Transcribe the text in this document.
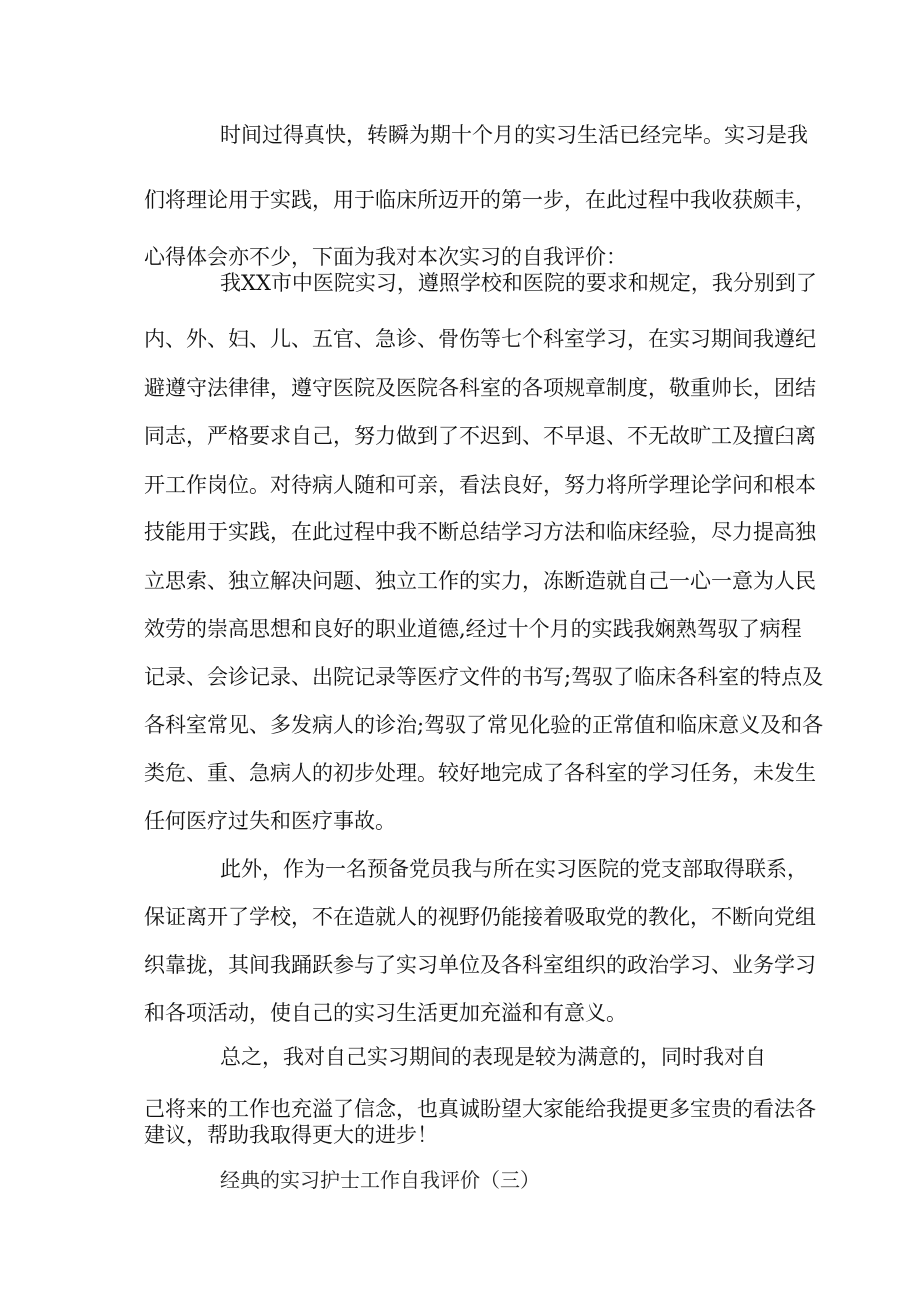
时间过得真快，转瞬为期十个月的实习生活已经完毕。实习是我

们将理论用于实践，用于临床所迈开的第一步，在此过程中我收获颇丰，

心得体会亦不少，下面为我对本次实习的自我评价：

我XX市中医院实习，遵照学校和医院的要求和规定，我分别到了

内、外、妇、儿、五官、急诊、骨伤等七个科室学习，在实习期间我遵纪

避遵守法律律，遵守医院及医院各科室的各项规章制度，敬重帅长，团结

同志，严格要求自己，努力做到了不迟到、不早退、不无故旷工及擅臼离

开工作岗位。对待病人随和可亲，看法良好，努力将所学理论学问和根本

技能用于实践，在此过程中我不断总结学习方法和临床经验，尽力提高独

立思索、独立解决问题、独立工作的实力，冻断造就自己一心一意为人民

效劳的崇高思想和良好的职业道德,经过十个月的实践我娴熟驾驭了病程

记录、会诊记录、出院记录等医疗文件的书写;驾驭了临床各科室的特点及

各科室常见、多发病人的诊治;驾驭了常见化验的正常值和临床意义及和各

类危、重、急病人的初步处理。较好地完成了各科室的学习任务，未发生

任何医疗过失和医疗事故。

此外，作为一名预备党员我与所在实习医院的党支部取得联系，

保证离开了学校，不在造就人的视野仍能接着吸取党的教化，不断向党组

织靠拢，其间我踊跃参与了实习单位及各科室组织的政治学习、业务学习

和各项活动，使自己的实习生活更加充溢和有意义。

总之，我对自己实习期间的表现是较为满意的，同时我对自

己将来的工作也充溢了信念，也真诚盼望大家能给我提更多宝贵的看法各

建议，帮助我取得更大的进步！

经典的实习护士工作自我评价（三）
